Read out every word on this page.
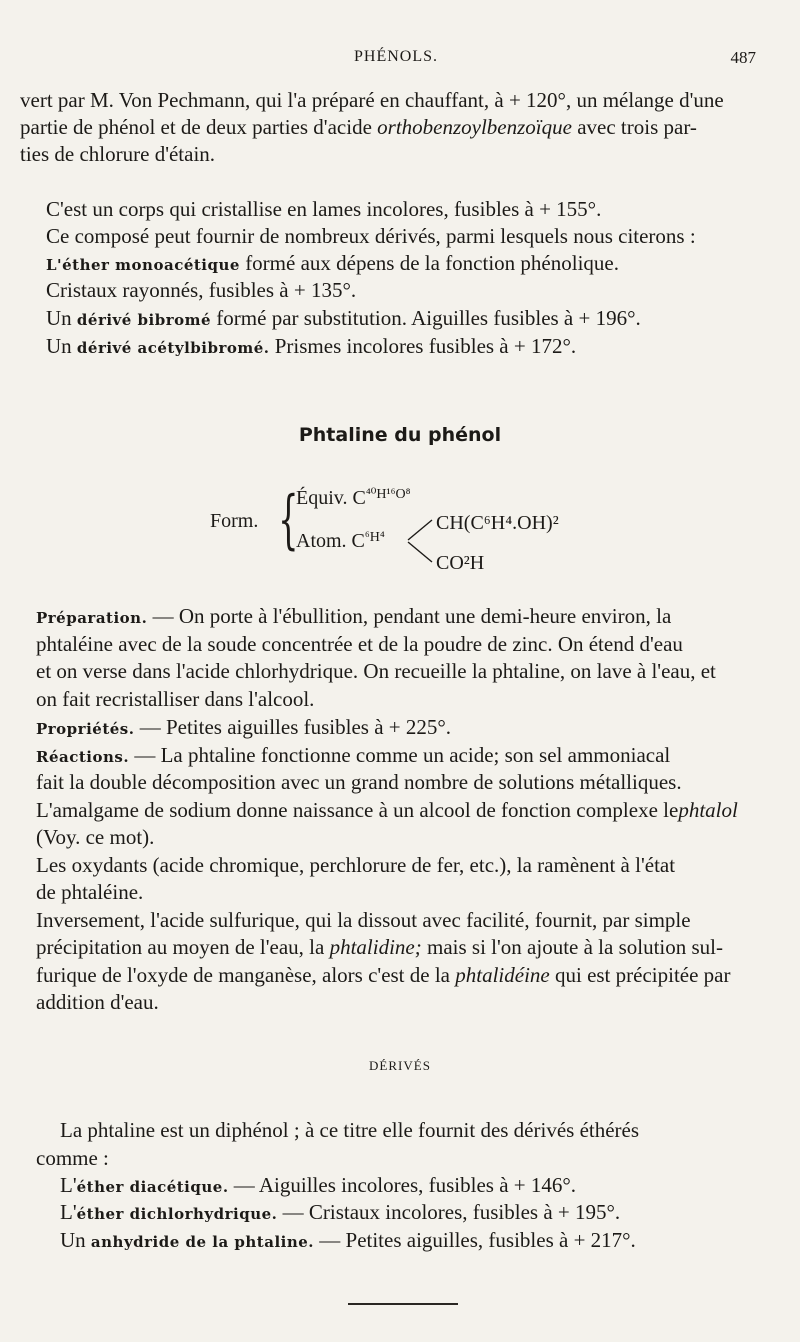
PHÉNOLS.	487
vert par M. Von Pechmann, qui l'a préparé en chauffant, à + 120°, un mélange d'une
partie de phénol et de deux parties d'acide orthobenzoylbenzoïque avec trois par-
ties de chlorure d'étain.
C'est un corps qui cristallise en lames incolores, fusibles à + 155°.
Ce composé peut fournir de nombreux dérivés, parmi lesquels nous citerons :
L'éther monoacétique formé aux dépens de la fonction phénolique.
Cristaux rayonnés, fusibles à + 135°.
Un dérivé bibromé formé par substitution. Aiguilles fusibles à + 196°.
Un dérivé acétylbibromé. Prismes incolores fusibles à + 172°.
Phtaline du phénol
Form. {
Équiv. $C^{^{40}H^{16}O^8}$
Atom. $C^{^6H^4}$
CH(C⁶H⁴.OH)²
CO²H
Préparation. — On porte à l'ébullition, pendant une demi-heure environ, la
phtaléine avec de la soude concentrée et de la poudre de zinc. On étend d'eau
et on verse dans l'acide chlorhydrique. On recueille la phtaline, on lave à l'eau, et
on fait recristalliser dans l'alcool.
Propriétés. — Petites aiguilles fusibles à + 225°.
Réactions. — La phtaline fonctionne comme un acide; son sel ammoniacal
fait la double décomposition avec un grand nombre de solutions métalliques.
L'amalgame de sodium donne naissance à un alcool de fonction complexe lephtalol
(Voy. ce mot).
Les oxydants (acide chromique, perchlorure de fer, etc.), la ramènent à l'état
de phtaléine.
Inversement, l'acide sulfurique, qui la dissout avec facilité, fournit, par simple
précipitation au moyen de l'eau, la phtalidine; mais si l'on ajoute à la solution sul-
furique de l'oxyde de manganèse, alors c'est de la phtalidéine qui est précipitée par
addition d'eau.
DÉRIVÉS
La phtaline est un diphénol ; à ce titre elle fournit des dérivés éthérés
comme :
L'éther diacétique. — Aiguilles incolores, fusibles à + 146°.
L'éther dichlorhydrique. — Cristaux incolores, fusibles à + 195°.
Un anhydride de la phtaline. — Petites aiguilles, fusibles à + 217°.
